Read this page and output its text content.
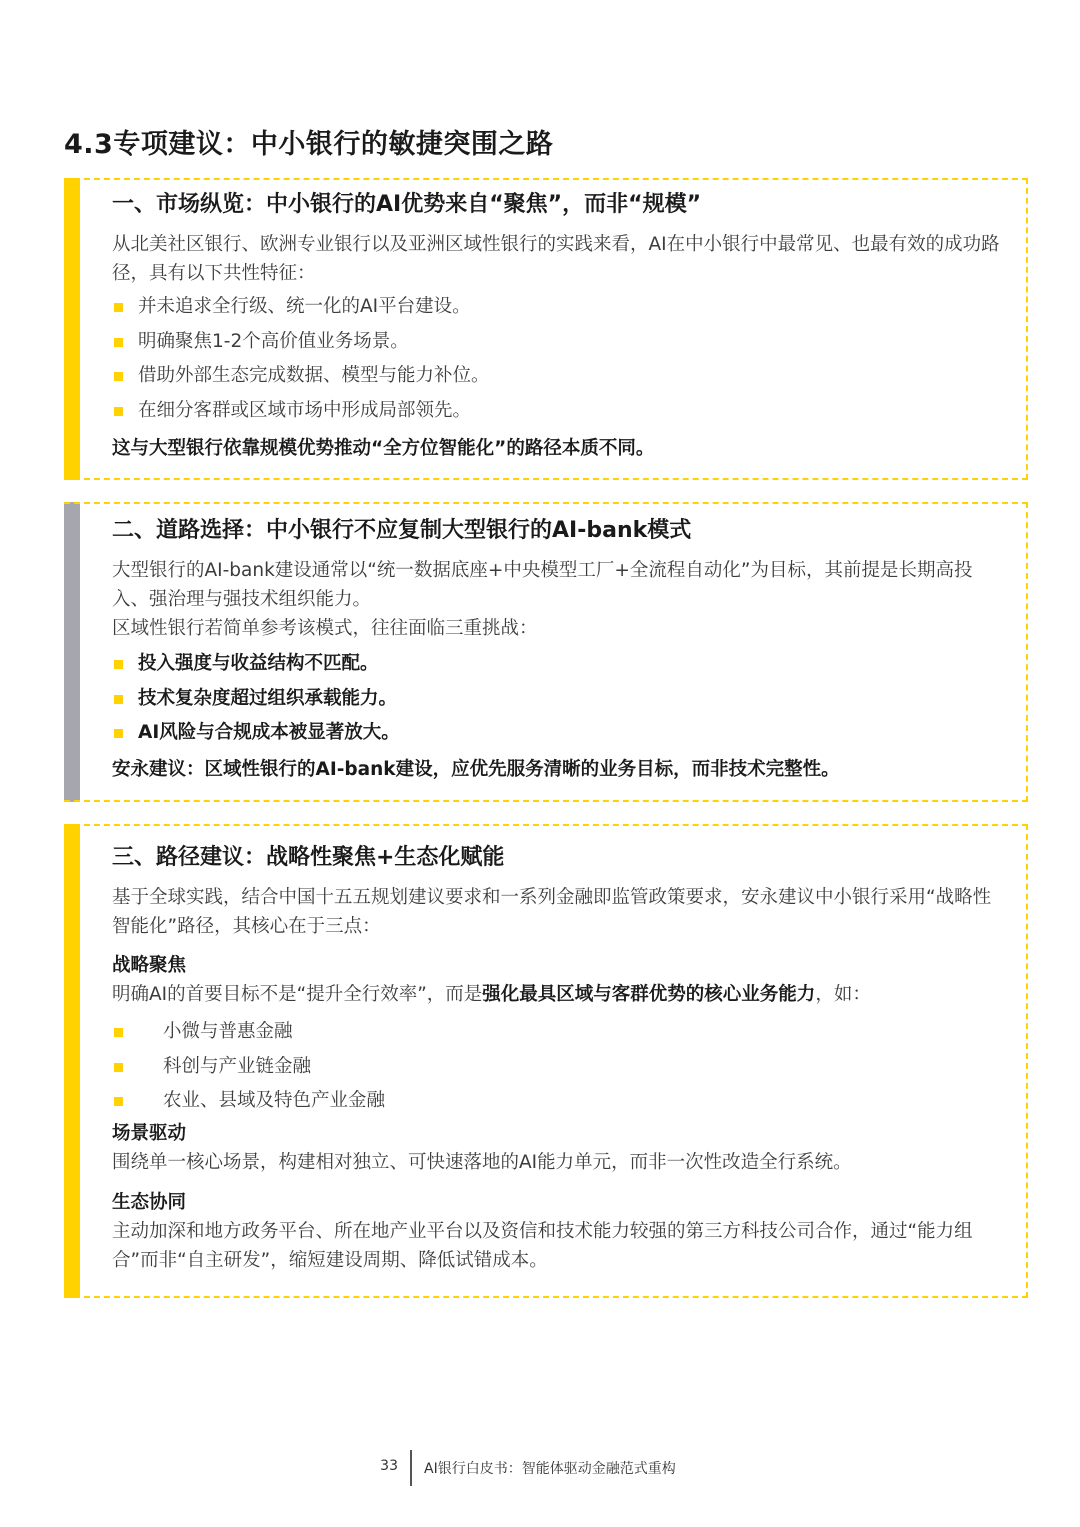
4.3专项建议：中小银行的敏捷突围之路
一、市场纵览：中小银行的AI优势来自“聚焦”，而非“规模”
从北美社区银行、欧洲专业银行以及亚洲区域性银行的实践来看，AI在中小银行中最常见、也最有效的成功路径，具有以下共性特征：
并未追求全行级、统一化的AI平台建设。
明确聚焦1-2个高价值业务场景。
借助外部生态完成数据、模型与能力补位。
在细分客群或区域市场中形成局部领先。
这与大型银行依靠规模优势推动“全方位智能化”的路径本质不同。
二、道路选择：中小银行不应复制大型银行的AI-bank模式
大型银行的AI-bank建设通常以“统一数据底座+中央模型工厂+全流程自动化”为目标，其前提是长期高投入、强治理与强技术组织能力。
区域性银行若简单参考该模式，往往面临三重挑战：
投入强度与收益结构不匹配。
技术复杂度超过组织承载能力。
AI风险与合规成本被显著放大。
安永建议：区域性银行的AI-bank建设，应优先服务清晰的业务目标，而非技术完整性。
三、路径建议：战略性聚焦+生态化赋能
基于全球实践，结合中国十五五规划建议要求和一系列金融即监管政策要求，安永建议中小银行采用“战略性智能化”路径，其核心在于三点：
战略聚焦
明确AI的首要目标不是“提升全行效率”，而是强化最具区域与客群优势的核心业务能力，如：
小微与普惠金融
科创与产业链金融
农业、县域及特色产业金融
场景驱动
围绕单一核心场景，构建相对独立、可快速落地的AI能力单元，而非一次性改造全行系统。
生态协同
主动加深和地方政务平台、所在地产业平台以及资信和技术能力较强的第三方科技公司合作，通过“能力组合”而非“自主研发”，缩短建设周期、降低试错成本。
33 AI银行白皮书：智能体驱动金融范式重构
